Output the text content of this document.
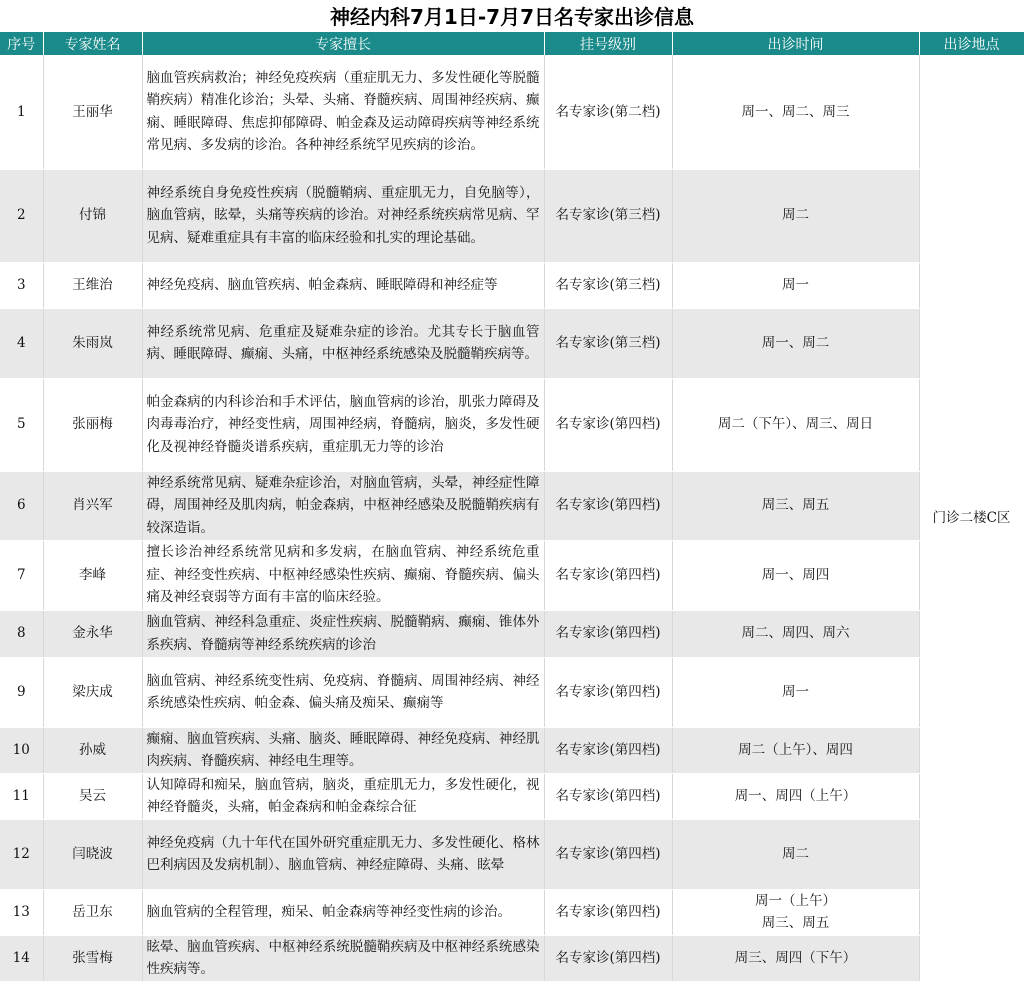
神经内科7月1日-7月7日名专家出诊信息
序号	专家姓名	专家擅长	挂号级别	出诊时间	出诊地点
1	王丽华	脑血管疾病救治；神经免疫疾病（重症肌无力、多发性硬化等脱髓鞘疾病）精准化诊治；头晕、头痛、脊髓疾病、周围神经疾病、癫痫、睡眠障碍、焦虑抑郁障碍、帕金森及运动障碍疾病等神经系统常见病、多发病的诊治。各种神经系统罕见疾病的诊治。	名专家诊(第二档)	周一、周二、周三	门诊二楼C区
2	付锦	神经系统自身免疫性疾病（脱髓鞘病、重症肌无力，自免脑等），脑血管病，眩晕，头痛等疾病的诊治。对神经系统疾病常见病、罕见病、疑难重症具有丰富的临床经验和扎实的理论基础。	名专家诊(第三档)	周二	

3	王维治	神经免疫病、脑血管疾病、帕金森病、睡眠障碍和神经症等	名专家诊(第三档)	周一	

4	朱雨岚	神经系统常见病、危重症及疑难杂症的诊治。尤其专长于脑血管病、睡眠障碍、癫痫、头痛，中枢神经系统感染及脱髓鞘疾病等。	名专家诊(第三档)	周一、周二	

5	张丽梅	帕金森病的内科诊治和手术评估，脑血管病的诊治，肌张力障碍及肉毒毒治疗，神经变性病，周围神经病，脊髓病，脑炎，多发性硬化及视神经脊髓炎谱系疾病，重症肌无力等的诊治	名专家诊(第四档)	周二（下午）、周三、周日	

6	肖兴军	神经系统常见病、疑难杂症诊治，对脑血管病，头晕，神经症性障碍，周围神经及肌肉病，帕金森病，中枢神经感染及脱髓鞘疾病有较深造诣。	名专家诊(第四档)	周三、周五	

7	李峰	擅长诊治神经系统常见病和多发病，在脑血管病、神经系统危重症、神经变性疾病、中枢神经感染性疾病、癫痫、脊髓疾病、偏头痛及神经衰弱等方面有丰富的临床经验。	名专家诊(第四档)	周一、周四	

8	金永华	脑血管病、神经科急重症、炎症性疾病、脱髓鞘病、癫痫、锥体外系疾病、脊髓病等神经系统疾病的诊治	名专家诊(第四档)	周二、周四、周六	

9	梁庆成	脑血管病、神经系统变性病、免疫病、脊髓病、周围神经病、神经系统感染性疾病、帕金森、偏头痛及痴呆、癫痫等	名专家诊(第四档)	周一	

10	孙威	癫痫、脑血管疾病、头痛、脑炎、睡眠障碍、神经免疫病、神经肌肉疾病、脊髓疾病、神经电生理等。	名专家诊(第四档)	周二（上午）、周四	

11	吴云	认知障碍和痴呆，脑血管病，脑炎，重症肌无力，多发性硬化，视神经脊髓炎，头痛，帕金森病和帕金森综合征	名专家诊(第四档)	周一、周四（上午）	

12	闫晓波	神经免疫病（九十年代在国外研究重症肌无力、多发性硬化、格林巴利病因及发病机制）、脑血管病、神经症障碍、头痛、眩晕	名专家诊(第四档)	周二	

13	岳卫东	脑血管病的全程管理，痴呆、帕金森病等神经变性病的诊治。	名专家诊(第四档)	周一（上午）
周三、周五	

14	张雪梅	眩晕、脑血管疾病、中枢神经系统脱髓鞘疾病及中枢神经系统感染性疾病等。	名专家诊(第四档)	周三、周四（下午）	
